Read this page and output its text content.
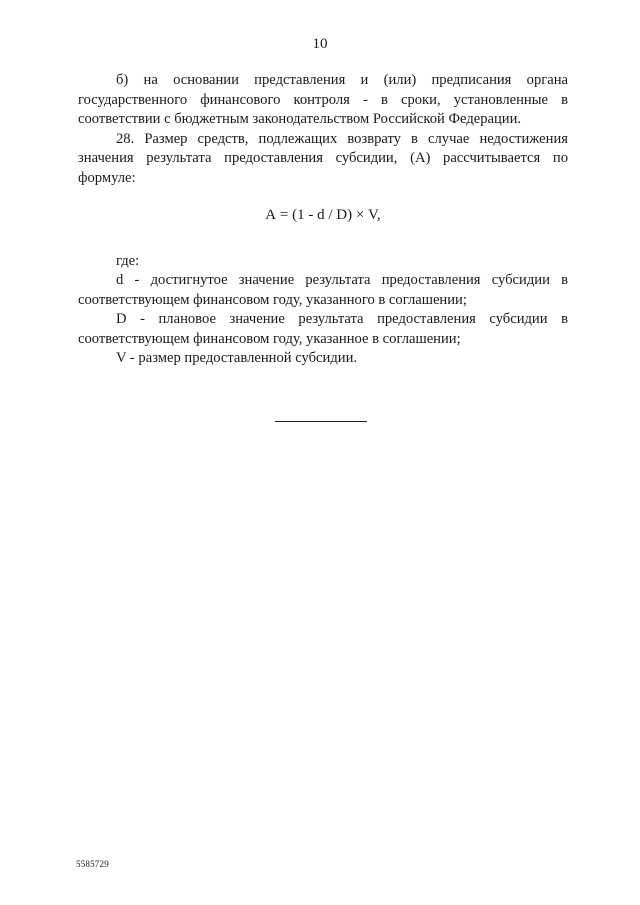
10

б) на основании представления и (или) предписания органа государственного финансового контроля - в сроки, установленные в соответствии с бюджетным законодательством Российской Федерации.

28. Размер средств, подлежащих возврату в случае недостижения значения результата предоставления субсидии, (А) рассчитывается по формуле:

А = (1 - d / D) × V,

где:

d - достигнутое значение результата предоставления субсидии в соответствующем финансовом году, указанного в соглашении;

D - плановое значение результата предоставления субсидии в соответствующем финансовом году, указанное в соглашении;

V - размер предоставленной субсидии.

5585729
